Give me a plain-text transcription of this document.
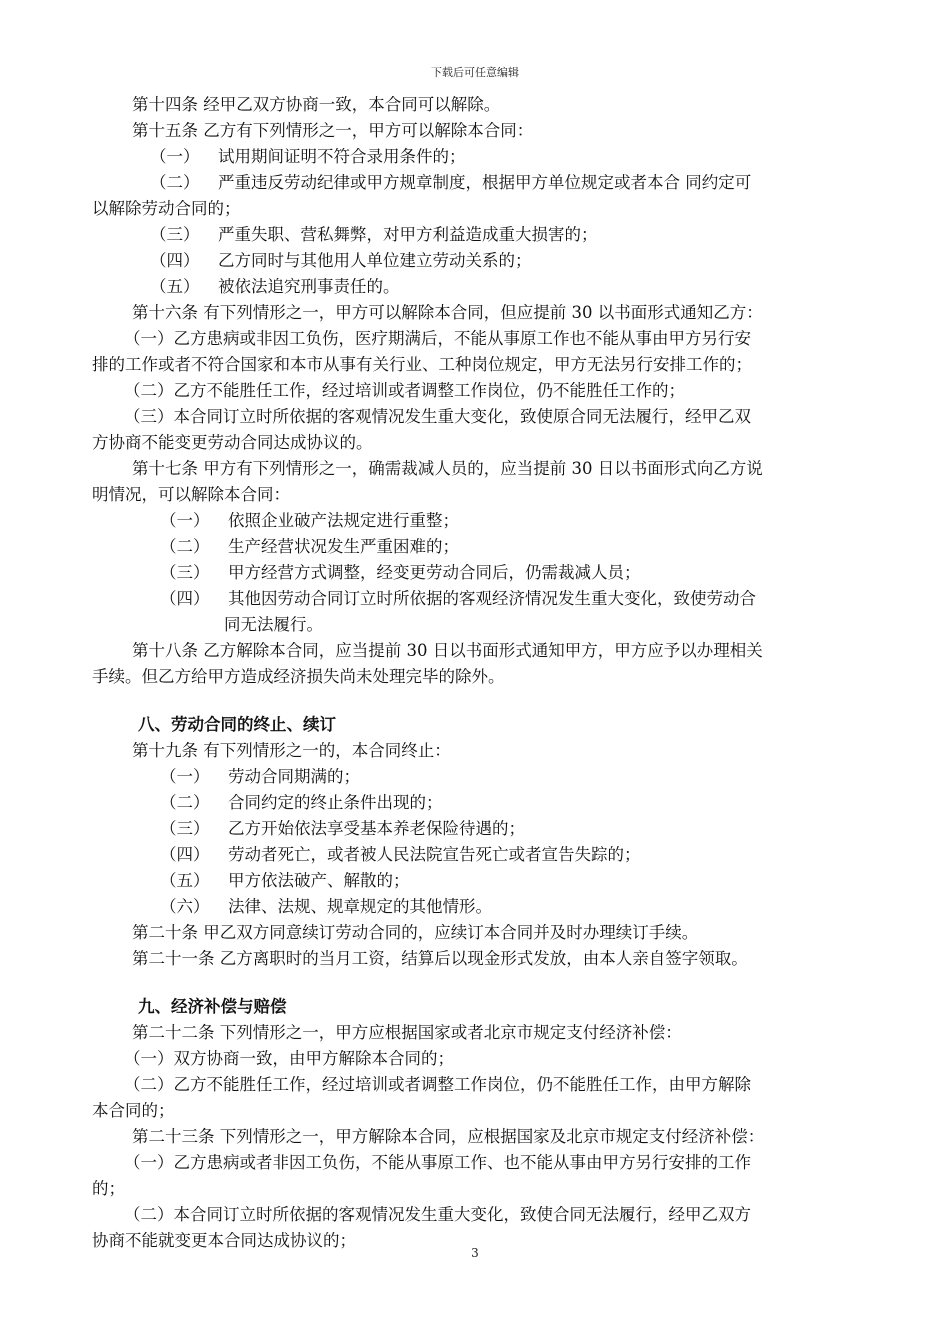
下载后可任意编辑
第十四条 经甲乙双方协商一致，本合同可以解除。
第十五条 乙方有下列情形之一，甲方可以解除本合同：
（一）	试用期间证明不符合录用条件的；
（二）	严重违反劳动纪律或甲方规章制度，根据甲方单位规定或者本合 同约定可
以解除劳动合同的；
（三）	严重失职、营私舞弊，对甲方利益造成重大损害的；
（四）	乙方同时与其他用人单位建立劳动关系的；
（五）	被依法追究刑事责任的。
第十六条 有下列情形之一，甲方可以解除本合同，但应提前 30 以书面形式通知乙方：
（一）乙方患病或非因工负伤，医疗期满后，不能从事原工作也不能从事由甲方另行安
排的工作或者不符合国家和本市从事有关行业、工种岗位规定，甲方无法另行安排工作的；
（二）乙方不能胜任工作，经过培训或者调整工作岗位，仍不能胜任工作的；
（三）本合同订立时所依据的客观情况发生重大变化，致使原合同无法履行，经甲乙双
方协商不能变更劳动合同达成协议的。
第十七条 甲方有下列情形之一，确需裁减人员的，应当提前 30 日以书面形式向乙方说
明情况，可以解除本合同：
（一）	依照企业破产法规定进行重整；
（二）	生产经营状况发生严重困难的；
（三）	甲方经营方式调整，经变更劳动合同后，仍需裁减人员；
（四）	其他因劳动合同订立时所依据的客观经济情况发生重大变化，致使劳动合
同无法履行。
第十八条 乙方解除本合同，应当提前 30 日以书面形式通知甲方，甲方应予以办理相关
手续。但乙方给甲方造成经济损失尚未处理完毕的除外。
八、劳动合同的终止、续订
第十九条 有下列情形之一的，本合同终止：
（一）	劳动合同期满的；
（二）	合同约定的终止条件出现的；
（三）	乙方开始依法享受基本养老保险待遇的；
（四）	劳动者死亡，或者被人民法院宣告死亡或者宣告失踪的；
（五）	甲方依法破产、解散的；
（六）	法律、法规、规章规定的其他情形。
第二十条 甲乙双方同意续订劳动合同的，应续订本合同并及时办理续订手续。
第二十一条 乙方离职时的当月工资，结算后以现金形式发放，由本人亲自签字领取。
九、经济补偿与赔偿
第二十二条 下列情形之一，甲方应根据国家或者北京市规定支付经济补偿：
（一）双方协商一致，由甲方解除本合同的；
（二）乙方不能胜任工作，经过培训或者调整工作岗位，仍不能胜任工作，由甲方解除
本合同的；
第二十三条 下列情形之一，甲方解除本合同，应根据国家及北京市规定支付经济补偿：
（一）乙方患病或者非因工负伤，不能从事原工作、也不能从事由甲方另行安排的工作
的；
（二）本合同订立时所依据的客观情况发生重大变化，致使合同无法履行，经甲乙双方
协商不能就变更本合同达成协议的；
3
